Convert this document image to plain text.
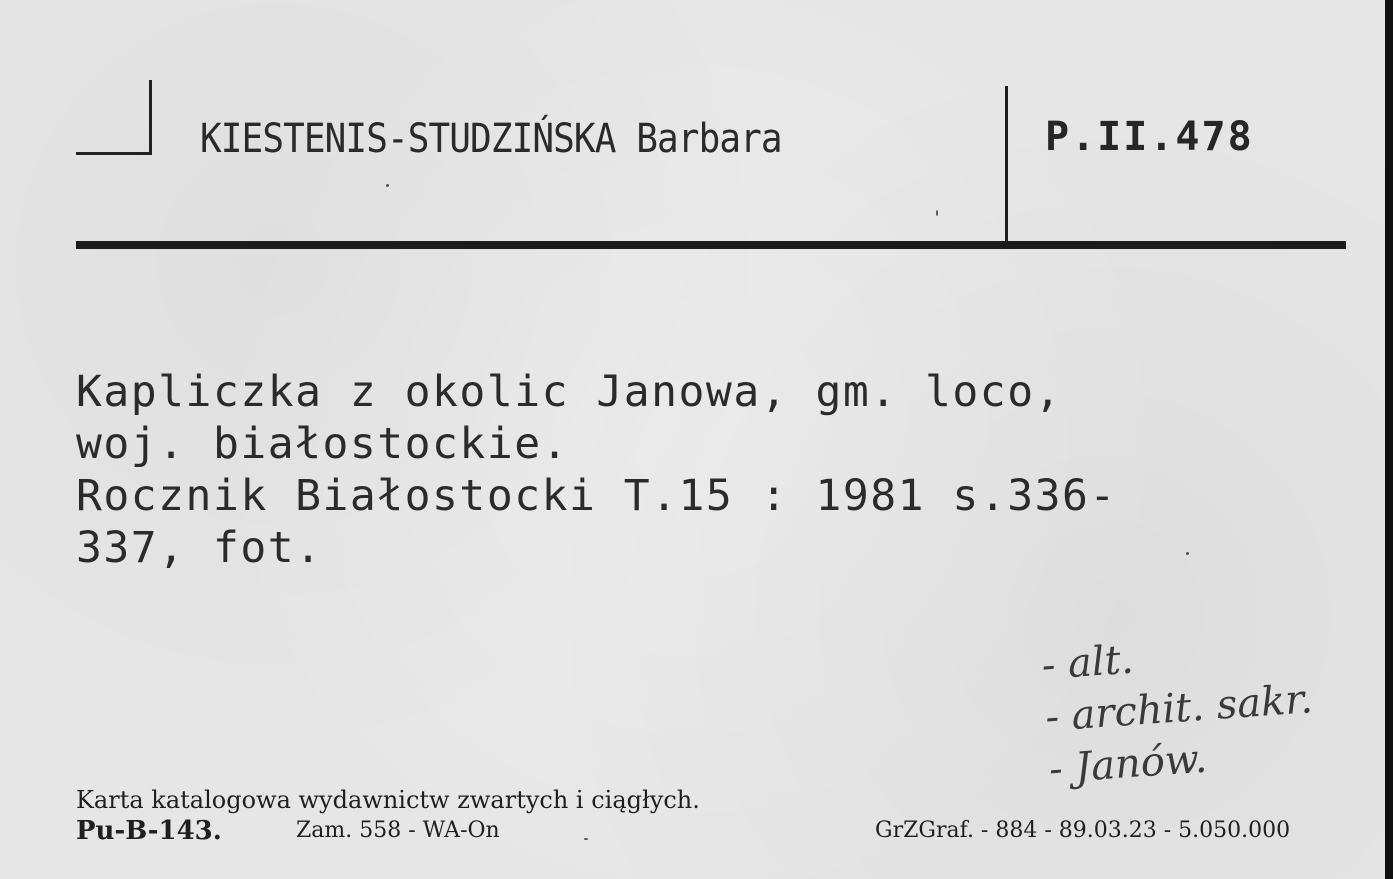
KIESTENIS-STUDZIŃSKA Barbara	P.II.478
Kapliczka z okolic Janowa, gm. loco,
woj. białostockie.
Rocznik Białostocki T.15 : 1981 s.336-
337, fot.
- alt.
- archit. sakr.
- Janów.
Karta katalogowa wydawnictw zwartych i ciągłych.
Pu-B-143.	Zam. 558 - WA-On	GrZGraf. - 884 - 89.03.23 - 5.050.000
